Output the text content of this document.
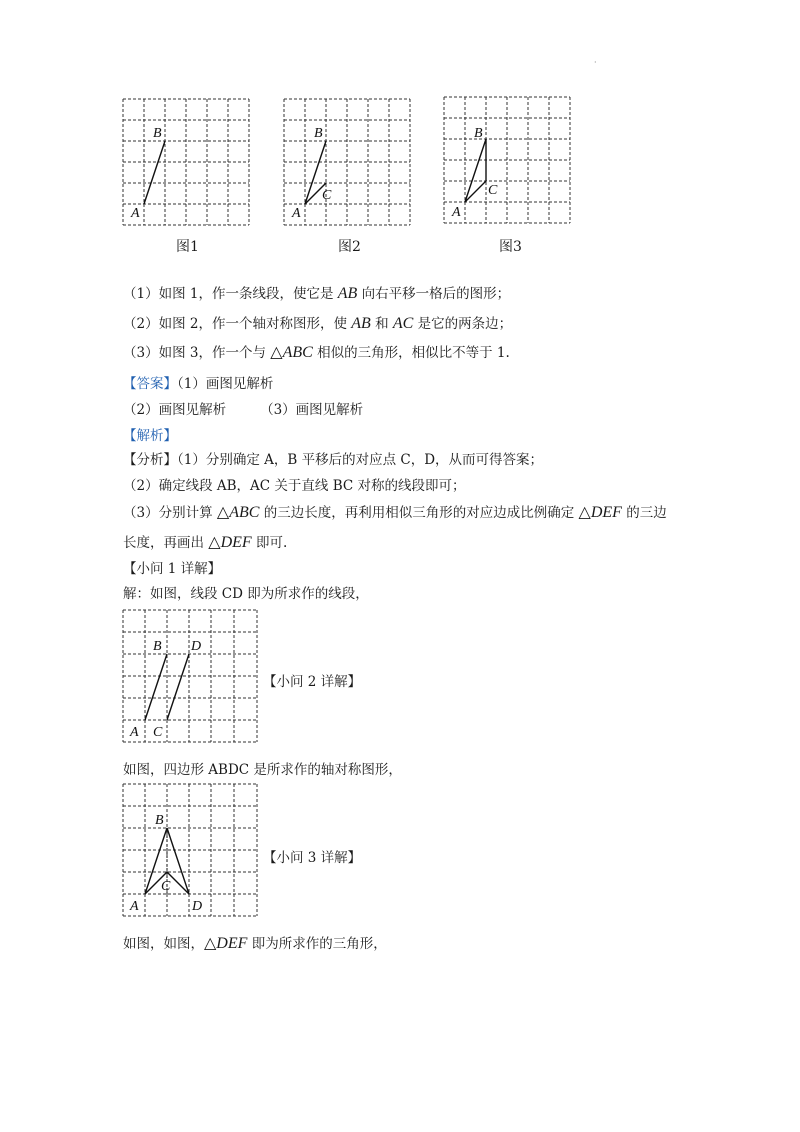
·
A
B
图1
A
B
C
图2
A
B
C
图3
（1）如图 1，作一条线段，使它是 AB 向右平移一格后的图形；
（2）如图 2，作一个轴对称图形，使 AB 和 AC 是它的两条边；
（3）如图 3，作一个与 △ABC 相似的三角形，相似比不等于 1.
【答案】（1）画图见解析
（2）画图见解析	（3）画图见解析
【解析】
【分析】（1）分别确定 A，B 平移后的对应点 C，D，从而可得答案；
（2）确定线段 AB，AC 关于直线 BC 对称的线段即可；
（3）分别计算 △ABC 的三边长度，再利用相似三角形的对应边成比例确定 △DEF 的三边
长度，再画出 △DEF 即可.
【小问 1 详解】
解：如图，线段 CD 即为所求作的线段，
A
B
C
D
【小问 2 详解】
如图，四边形 ABDC 是所求作的轴对称图形，
A
B
C
D
【小问 3 详解】
如图，如图，△DEF 即为所求作的三角形，
